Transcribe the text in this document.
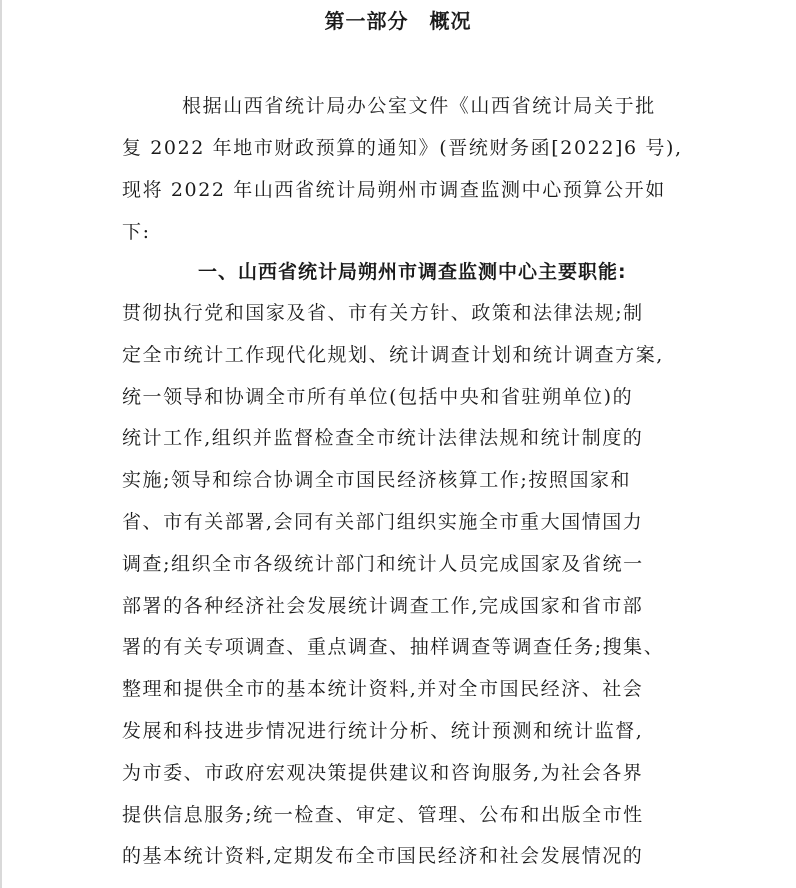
第一部分　概况
根据山西省统计局办公室文件《山西省统计局关于批
复 2022 年地市财政预算的通知》(晋统财务函[2022]6 号),
现将 2022 年山西省统计局朔州市调查监测中心预算公开如
下:
一、山西省统计局朔州市调查监测中心主要职能:
贯彻执行党和国家及省、市有关方针、政策和法律法规;制
定全市统计工作现代化规划、统计调查计划和统计调查方案,
统一领导和协调全市所有单位(包括中央和省驻朔单位)的
统计工作,组织并监督检查全市统计法律法规和统计制度的
实施;领导和综合协调全市国民经济核算工作;按照国家和
省、市有关部署,会同有关部门组织实施全市重大国情国力
调查;组织全市各级统计部门和统计人员完成国家及省统一
部署的各种经济社会发展统计调查工作,完成国家和省市部
署的有关专项调查、重点调查、抽样调查等调查任务;搜集、
整理和提供全市的基本统计资料,并对全市国民经济、社会
发展和科技进步情况进行统计分析、统计预测和统计监督,
为市委、市政府宏观决策提供建议和咨询服务,为社会各界
提供信息服务;统一检查、审定、管理、公布和出版全市性
的基本统计资料,定期发布全市国民经济和社会发展情况的
